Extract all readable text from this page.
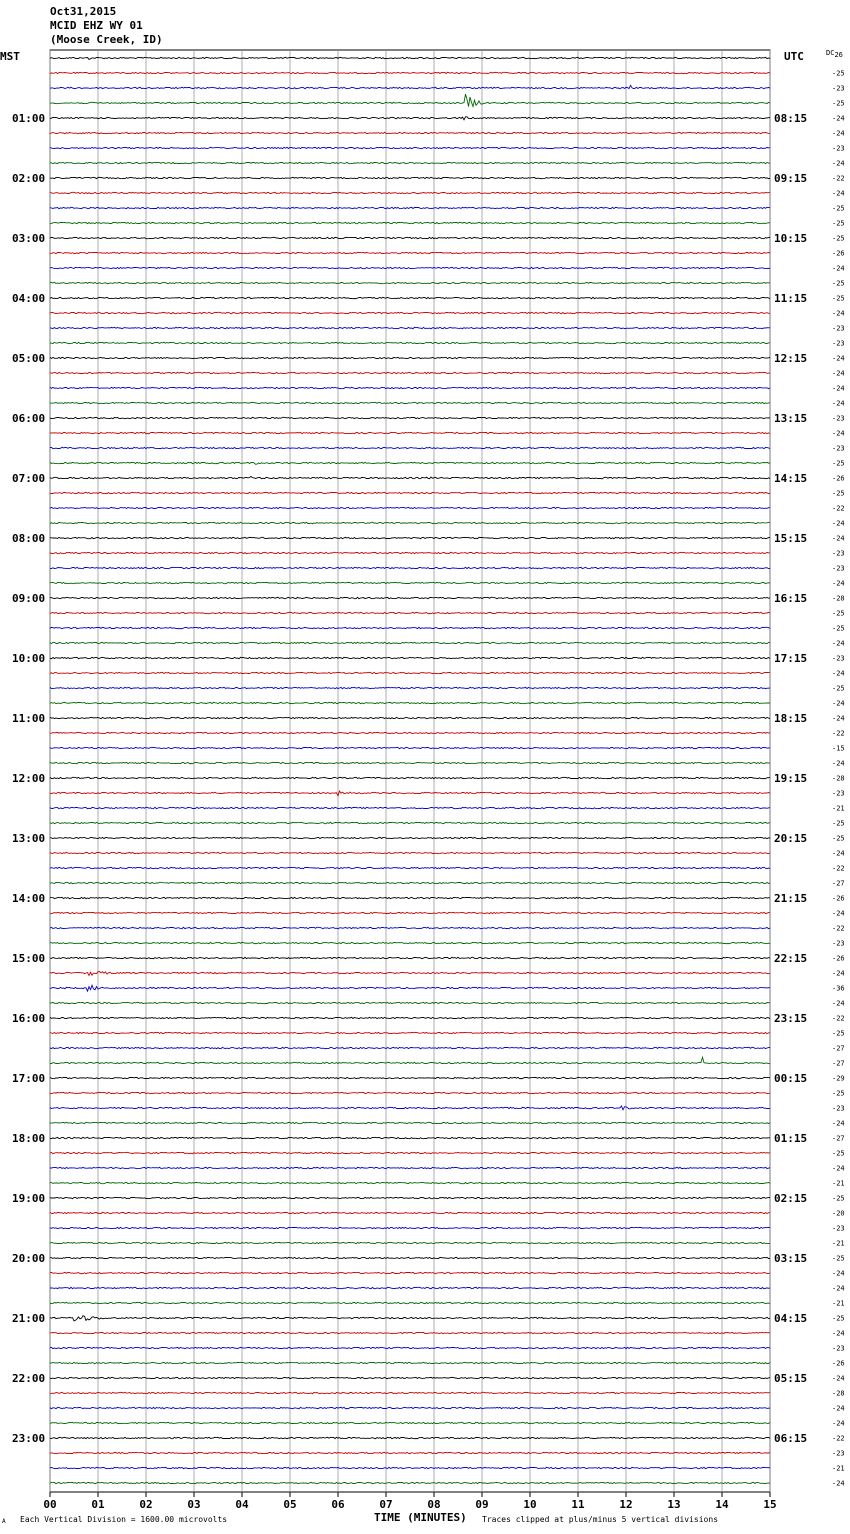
Oct31,2015
MCID EHZ WY 01
(Moose Creek, ID)
MST	UTC	DC26
-25
-23
-25
-24
-24
-23
-24
-22
-24
-25
-25
-25
-26
-24
-25
-25
-24
-23
-23
-24
-24
-24
-24
-23
-24
-23
-25
-26
-25
-22
-24
-24
-23
-23
-24
-28
-25
-25
-24
-23
-24
-25
-24
-24
-22
-15
-24
-28
-23
-21
-25
-25
-24
-22
-27
-26
-24
-22
-23
-26
-24
-36
-24
-22
-25
-27
-27
-29
-25
-23
-24
-27
-25
-24
-21
-25
-20
-23
-21
-25
-24
-24
-21
-25
-24
-23
-26
-24
-28
-24
-24
-22
-23
-21
-24
01:00
02:00
03:00
04:00
05:00
06:00
07:00
08:00
09:00
10:00
11:00
12:00
13:00
14:00
15:00
16:00
17:00
18:00
19:00
20:00
21:00
22:00
23:00
08:15
09:15
10:15
11:15
12:15
13:15
14:15
15:15
16:15
17:15
18:15
19:15
20:15
21:15
22:15
23:15
00:15
01:15
02:15
03:15
04:15
05:15
06:15
00	01	02	03	04	05	06	07	08	09	10	11	12	13	14	15
A Each Vertical Division = 1600.00 microvolts	TIME (MINUTES) Traces clipped at plus/minus 5 vertical divisions
